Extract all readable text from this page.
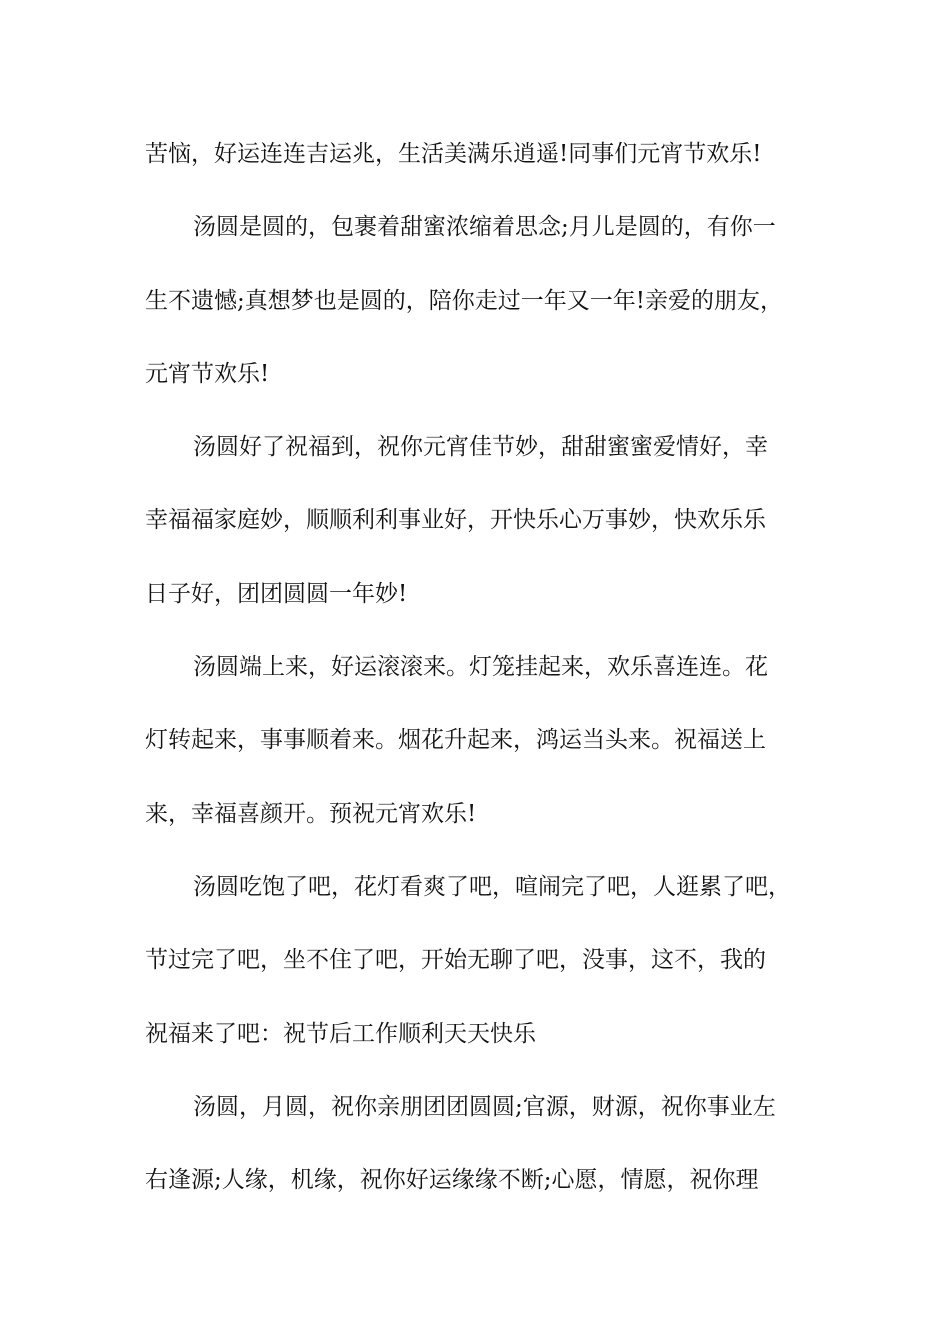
苦恼，好运连连吉运兆，生活美满乐逍遥!同事们元宵节欢乐!
汤圆是圆的，包裹着甜蜜浓缩着思念;月儿是圆的，有你一
生不遗憾;真想梦也是圆的，陪你走过一年又一年!亲爱的朋友，
元宵节欢乐!
汤圆好了祝福到，祝你元宵佳节妙，甜甜蜜蜜爱情好，幸
幸福福家庭妙，顺顺利利事业好，开快乐心万事妙，快欢乐乐
日子好，团团圆圆一年妙!
汤圆端上来，好运滚滚来。灯笼挂起来，欢乐喜连连。花
灯转起来，事事顺着来。烟花升起来，鸿运当头来。祝福送上
来，幸福喜颜开。预祝元宵欢乐!
汤圆吃饱了吧，花灯看爽了吧，喧闹完了吧，人逛累了吧，
节过完了吧，坐不住了吧，开始无聊了吧，没事，这不，我的
祝福来了吧：祝节后工作顺利天天快乐
汤圆，月圆，祝你亲朋团团圆圆;官源，财源，祝你事业左
右逢源;人缘，机缘，祝你好运缘缘不断;心愿，情愿，祝你理
